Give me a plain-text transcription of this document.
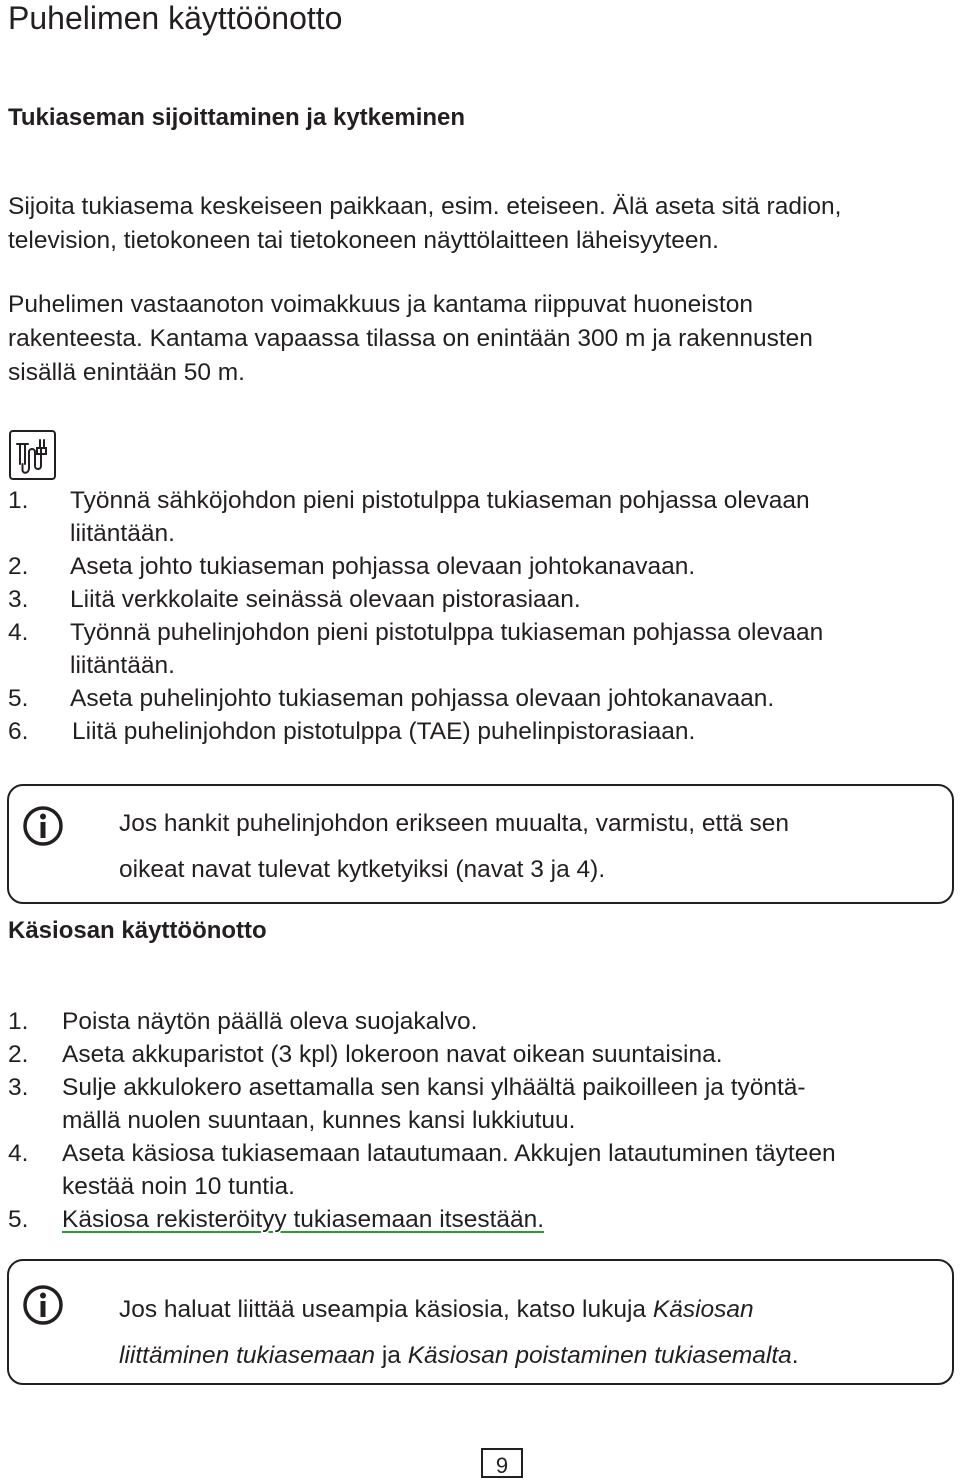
Puhelimen käyttöönotto
Tukiaseman sijoittaminen ja kytkeminen
Sijoita tukiasema keskeiseen paikkaan, esim. eteiseen. Älä aseta sitä radion,
television, tietokoneen tai tietokoneen näyttölaitteen läheisyyteen.
Puhelimen vastaanoton voimakkuus ja kantama riippuvat huoneiston
rakenteesta. Kantama vapaassa tilassa on enintään 300 m ja rakennusten
sisällä enintään 50 m.
1.	Työnnä sähköjohdon pieni pistotulppa tukiaseman pohjassa olevaan
liitäntään.
2.	Aseta johto tukiaseman pohjassa olevaan johtokanavaan.
3.	Liitä verkkolaite seinässä olevaan pistorasiaan.
4.	Työnnä puhelinjohdon pieni pistotulppa tukiaseman pohjassa olevaan
liitäntään.
5.	Aseta puhelinjohto tukiaseman pohjassa olevaan johtokanavaan.
6.	Liitä puhelinjohdon pistotulppa (TAE) puhelinpistorasiaan.
Jos hankit puhelinjohdon erikseen muualta, varmistu, että sen
oikeat navat tulevat kytketyiksi (navat 3 ja 4).
Käsiosan käyttöönotto
1.	Poista näytön päällä oleva suojakalvo.
2.	Aseta akkuparistot (3 kpl) lokeroon navat oikean suuntaisina.
3.	Sulje akkulokero asettamalla sen kansi ylhäältä paikoilleen ja työntä-
mällä nuolen suuntaan, kunnes kansi lukkiutuu.
4.	Aseta käsiosa tukiasemaan latautumaan. Akkujen latautuminen täyteen
kestää noin 10 tuntia.
5.	Käsiosa rekisteröityy tukiasemaan itsestään.
Jos haluat liittää useampia käsiosia, katso lukuja Käsiosan
liittäminen tukiasemaan ja Käsiosan poistaminen tukiasemalta.
9
